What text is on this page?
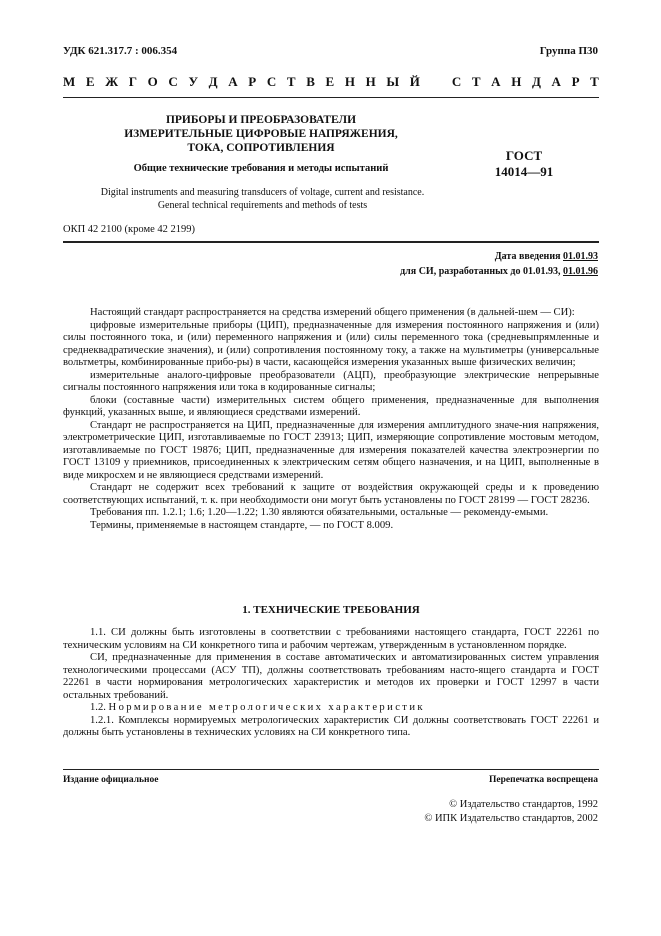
УДК 621.317.7 : 006.354	Группа П30
М Е Ж Г О С У Д А Р С Т В Е Н Н Ы Й С Т А Н Д А Р Т
ПРИБОРЫ И ПРЕОБРАЗОВАТЕЛИ
ИЗМЕРИТЕЛЬНЫЕ ЦИФРОВЫЕ НАПРЯЖЕНИЯ,
ТОКА, СОПРОТИВЛЕНИЯ
Общие технические требования и методы испытаний
ГОСТ
14014—91
Digital instruments and measuring transducers of voltage, current and resistance.
General technical requirements and methods of tests
ОКП 42 2100 (кроме 42 2199)
Дата введения 01.01.93
для СИ, разработанных до 01.01.93, 01.01.96

Настоящий стандарт распространяется на средства измерений общего применения (в дальней-шем — СИ):

цифровые измерительные приборы (ЦИП), предназначенные для измерения постоянного напряжения и (или) силы постоянного тока, и (или) переменного напряжения и (или) силы переменного тока (средневыпрямленные и среднеквадратические значения), и (или) сопротивления постоянному току, а также на мультиметры (универсальные вольтметры, комбинированные прибо-ры) в части, касающейся измерения указанных выше физических величин;

измерительные аналого-цифровые преобразователи (АЦП), преобразующие электрические непрерывные сигналы постоянного напряжения или тока в кодированные сигналы;

блоки (составные части) измерительных систем общего применения, предназначенные для выполнения функций, указанных выше, и являющиеся средствами измерений.

Стандарт не распространяется на ЦИП, предназначенные для измерения амплитудного значе-ния напряжения, электрометрические ЦИП, изготавливаемые по ГОСТ 23913; ЦИП, измеряющие сопротивление мостовым методом, изготавливаемые по ГОСТ 19876; ЦИП, предназначенные для измерения показателей качества электроэнергии по ГОСТ 13109 у приемников, присоединенных к электрическим сетям общего назначения, и на ЦИП, выполненные в виде микросхем и не являющиеся средствами измерений.

Стандарт не содержит всех требований к защите от воздействия окружающей среды и к проведению соответствующих испытаний, т. к. при необходимости они могут быть установлены по ГОСТ 28199 — ГОСТ 28236.

Требования пп. 1.2.1; 1.6; 1.20—1.22; 1.30 являются обязательными, остальные — рекоменду-емыми.

Термины, применяемые в настоящем стандарте, — по ГОСТ 8.009.

1. ТЕХНИЧЕСКИЕ ТРЕБОВАНИЯ

1.1. СИ должны быть изготовлены в соответствии с требованиями настоящего стандарта, ГОСТ 22261 по техническим условиям на СИ конкретного типа и рабочим чертежам, утвержденным в установленном порядке.

СИ, предназначенные для применения в составе автоматических и автоматизированных систем управления технологическими процессами (АСУ ТП), должны соответствовать требованиям насто-ящего стандарта и ГОСТ 22261 в части нормирования метрологических характеристик и методов их проверки и ГОСТ 12997 в части остальных требований.

1.2. Нормирование метрологических характеристик

1.2.1. Комплексы нормируемых метрологических характеристик СИ должны соответствовать ГОСТ 22261 и должны быть установлены в технических условиях на СИ конкретного типа.

Издание официальное	Перепечатка воспрещена
© Издательство стандартов, 1992
© ИПК Издательство стандартов, 2002
